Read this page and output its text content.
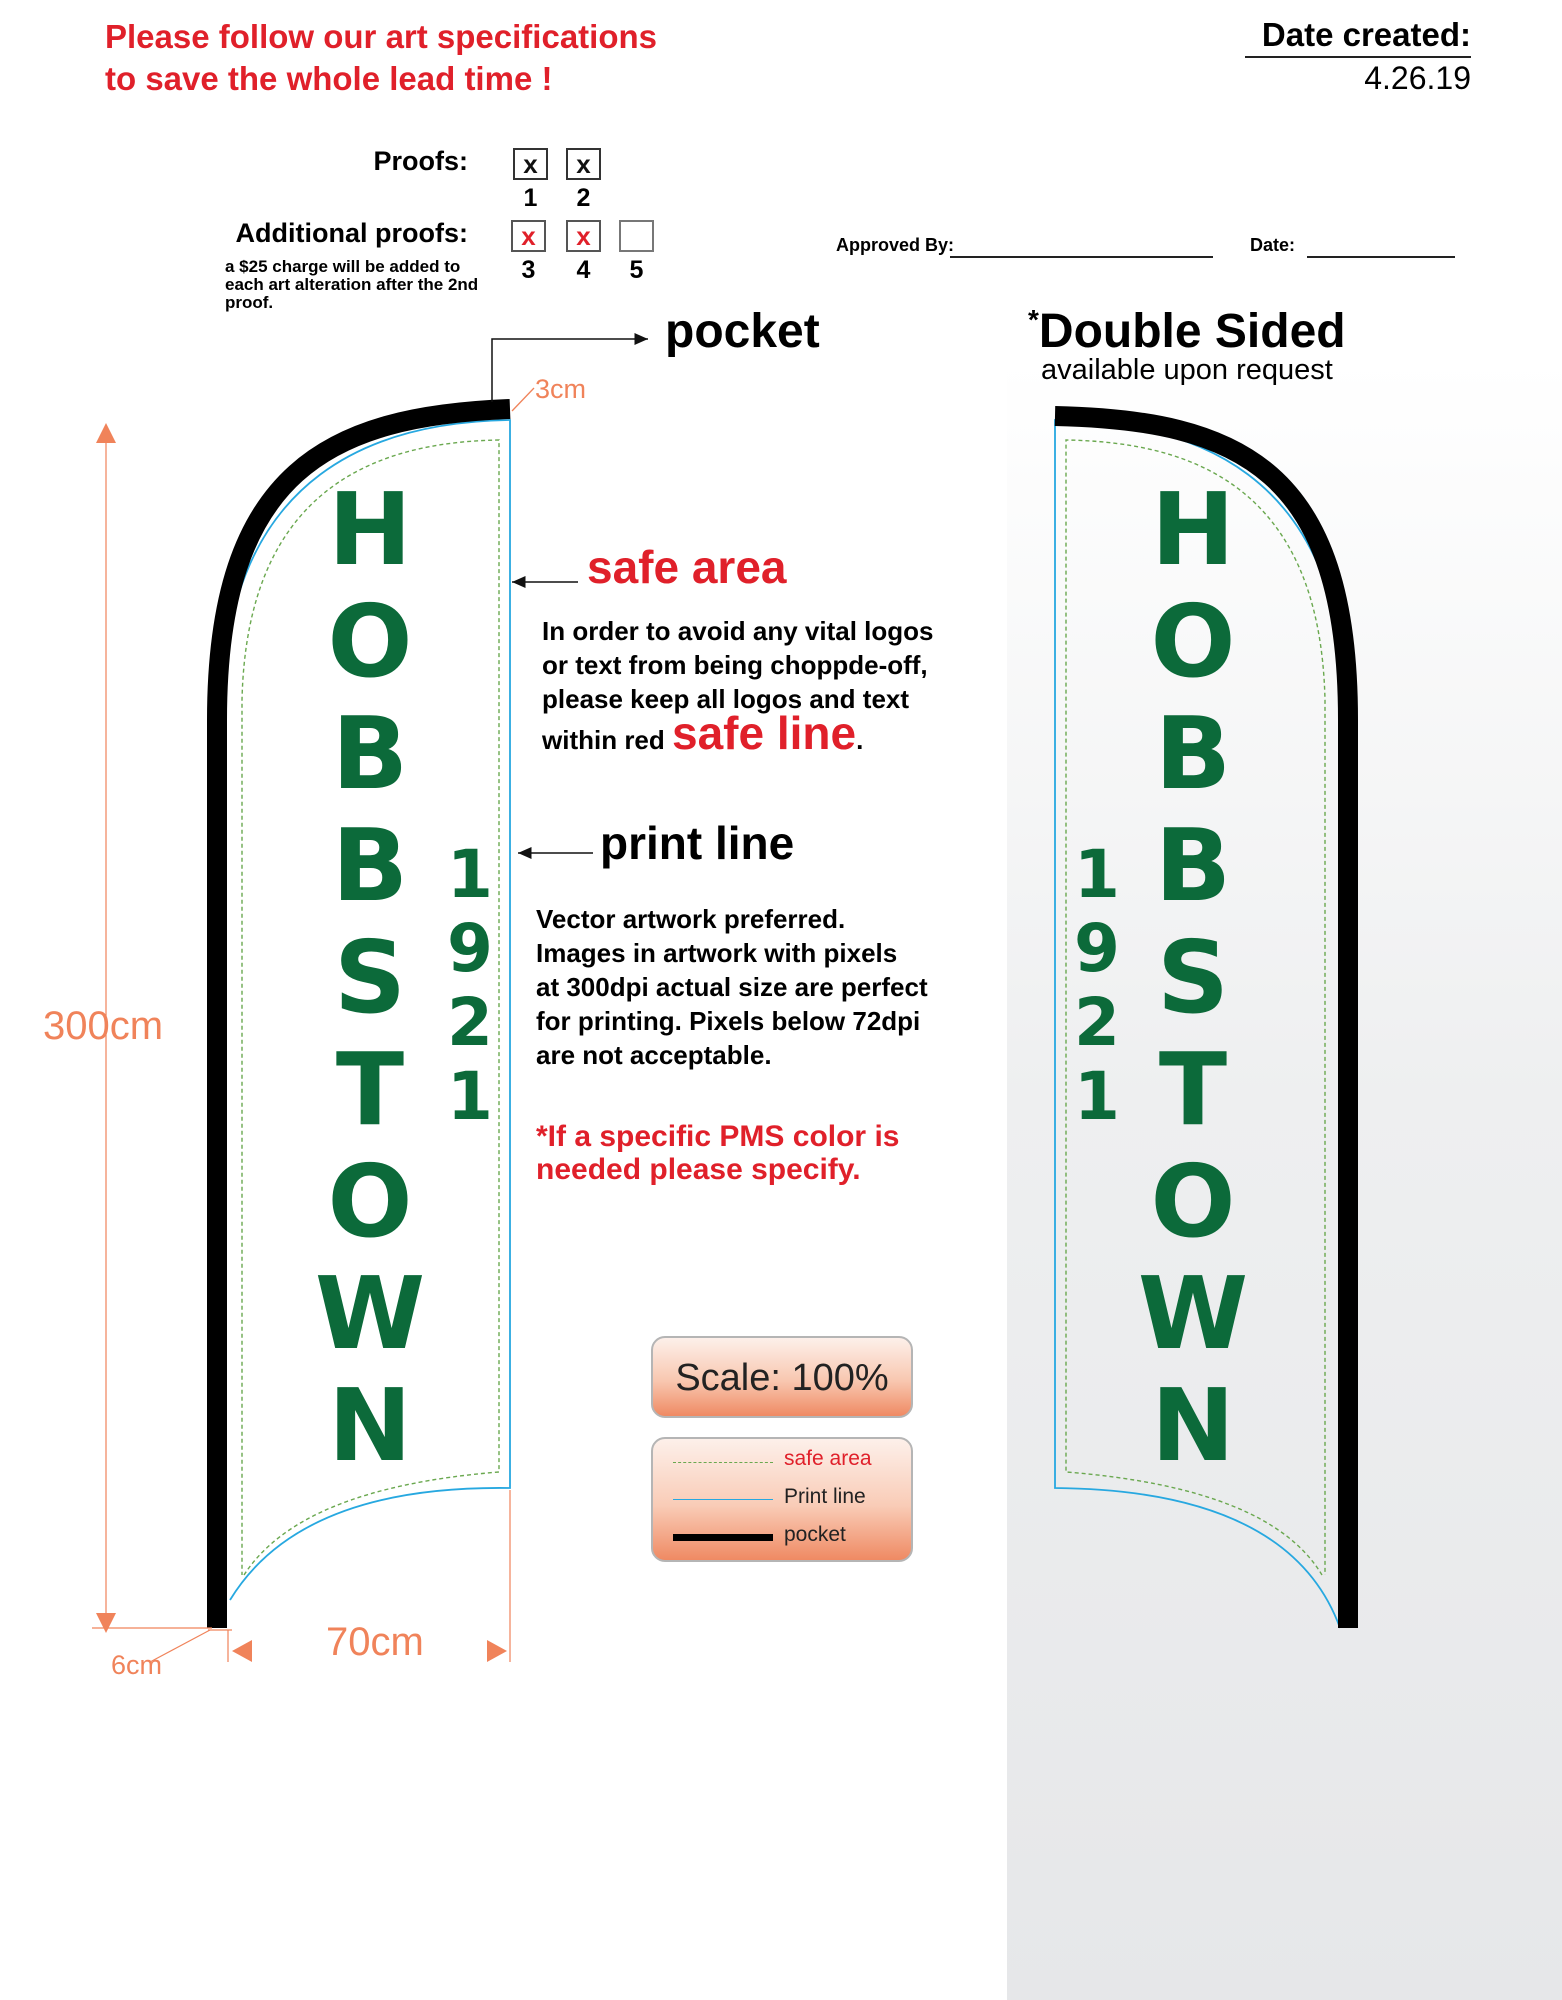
Please follow our art specifications
to save the whole lead time !
Date created:
4.26.19
Proofs:	x	x
1	2
Additional proofs:
a $25 charge will be added to each art alteration after the 2nd proof.
x	x
3	4	5
Approved By:	Date:
H
O
B
B
S
T
O
W
N
1
9
2
1
H
O
B
B
S
T
O
W
N
1
9
2
1
pocket	*Double Sided
available upon request
safe area
In order to avoid any vital logos
or text from being choppde-off,
please keep all logos and text
within red safe line.
print line
Vector artwork preferred.
Images in artwork with pixels
at 300dpi actual size are perfect
for printing. Pixels below 72dpi
are not acceptable.
*If a specific PMS color is
needed please specify.
300cm
70cm
6cm
3cm
Scale: 100%
safe area
Print line
pocket
